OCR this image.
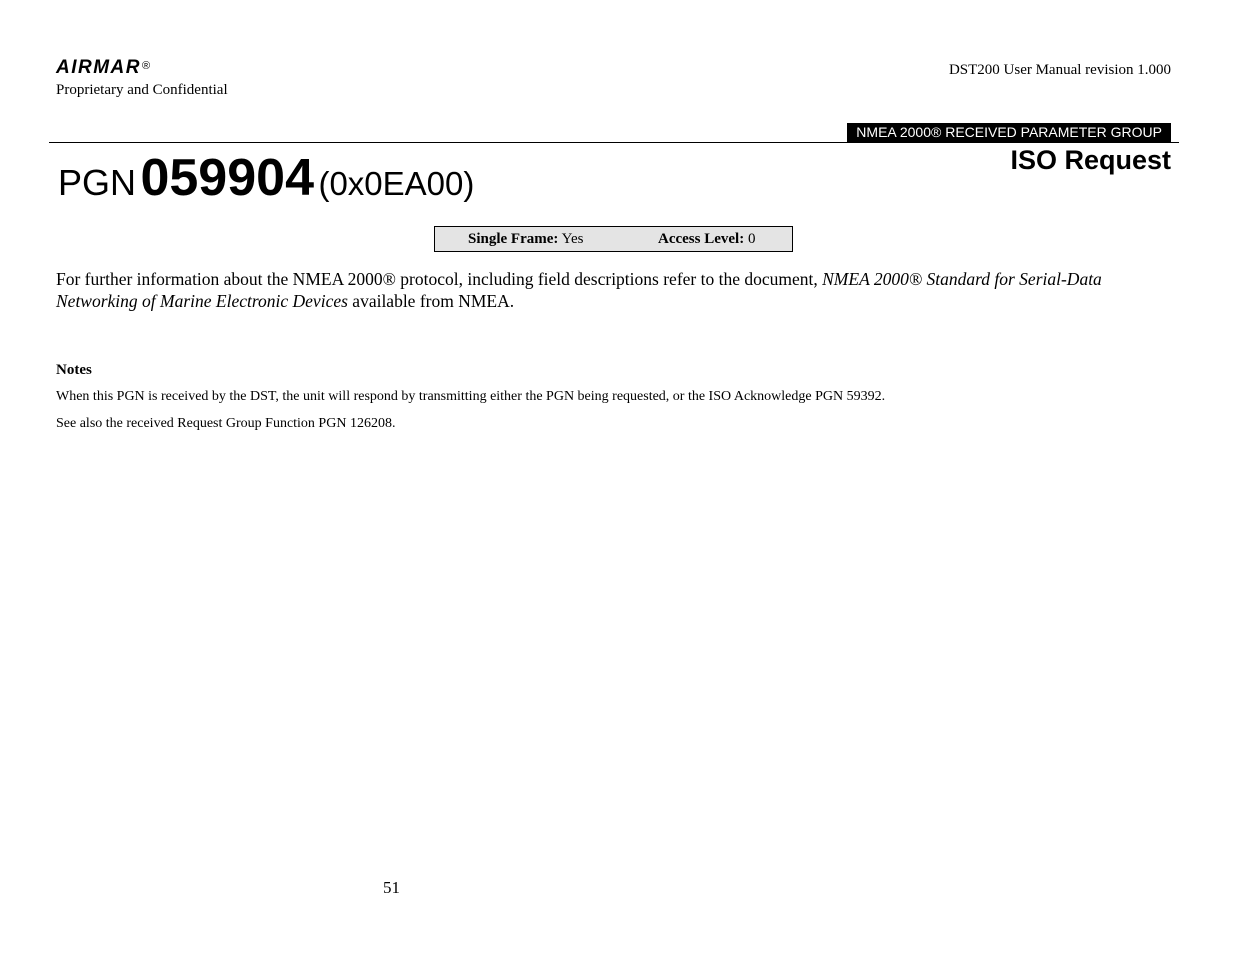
AIRMAR®
Proprietary and Confidential
DST200 User Manual revision 1.000
NMEA 2000® RECEIVED PARAMETER GROUP
PGN 059904 (0x0EA00)
ISO Request
Single Frame: Yes	Access Level: 0
For further information about the NMEA 2000® protocol, including field descriptions refer to the document, NMEA 2000® Standard for Serial-Data
Networking of Marine Electronic Devices available from NMEA.
Notes
When this PGN is received by the DST, the unit will respond by transmitting either the PGN being requested, or the ISO Acknowledge PGN 59392.
See also the received Request Group Function PGN 126208.
51
